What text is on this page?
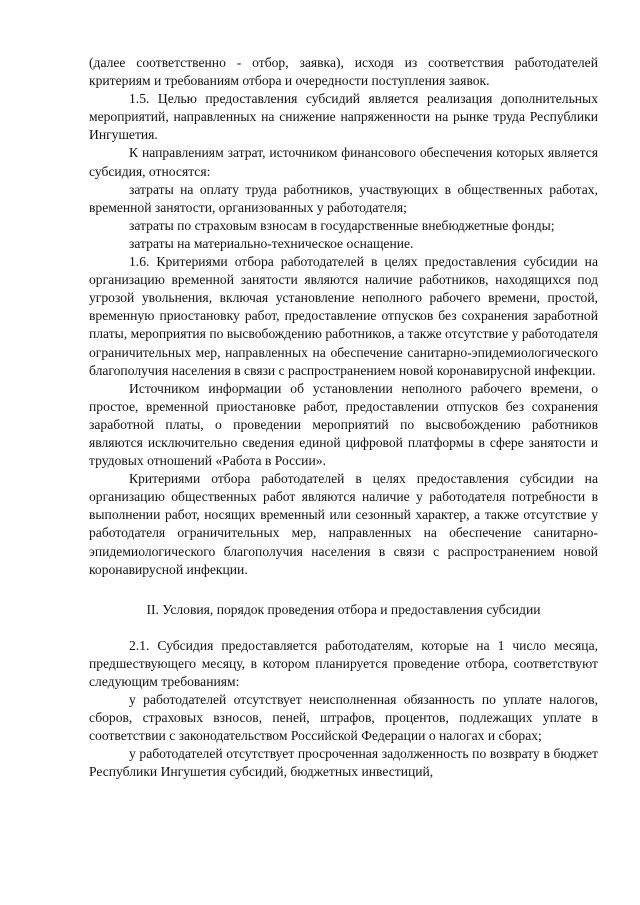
(далее соответственно - отбор, заявка), исходя из соответствия работодателей критериям и требованиям отбора и очередности поступления заявок.

1.5. Целью предоставления субсидий является реализация дополнительных мероприятий, направленных на снижение напряженности на рынке труда Республики Ингушетия.

К направлениям затрат, источником финансового обеспечения которых является субсидия, относятся:

затраты на оплату труда работников, участвующих в общественных работах, временной занятости, организованных у работодателя;

затраты по страховым взносам в государственные внебюджетные фонды;

затраты на материально-техническое оснащение.

1.6. Критериями отбора работодателей в целях предоставления субсидии на организацию временной занятости являются наличие работников, находящихся под угрозой увольнения, включая установление неполного рабочего времени, простой, временную приостановку работ, предоставление отпусков без сохранения заработной платы, мероприятия по высвобождению работников, а также отсутствие у работодателя ограничительных мер, направленных на обеспечение санитарно-эпидемиологического благополучия населения в связи с распространением новой коронавирусной инфекции.

Источником информации об установлении неполного рабочего времени, о простое, временной приостановке работ, предоставлении отпусков без сохранения заработной платы, о проведении мероприятий по высвобождению работников являются исключительно сведения единой цифровой платформы в сфере занятости и трудовых отношений «Работа в России».

Критериями отбора работодателей в целях предоставления субсидии на организацию общественных работ являются наличие у работодателя потребности в выполнении работ, носящих временный или сезонный характер, а также отсутствие у работодателя ограничительных мер, направленных на обеспечение санитарно-эпидемиологического благополучия населения в связи с распространением новой коронавирусной инфекции.

II. Условия, порядок проведения отбора и предоставления субсидии

2.1. Субсидия предоставляется работодателям, которые на 1 число месяца, предшествующего месяцу, в котором планируется проведение отбора, соответствуют следующим требованиям:

у работодателей отсутствует неисполненная обязанность по уплате налогов, сборов, страховых взносов, пеней, штрафов, процентов, подлежащих уплате в соответствии с законодательством Российской Федерации о налогах и сборах;

у работодателей отсутствует просроченная задолженность по возврату в бюджет Республики Ингушетия субсидий, бюджетных инвестиций,
